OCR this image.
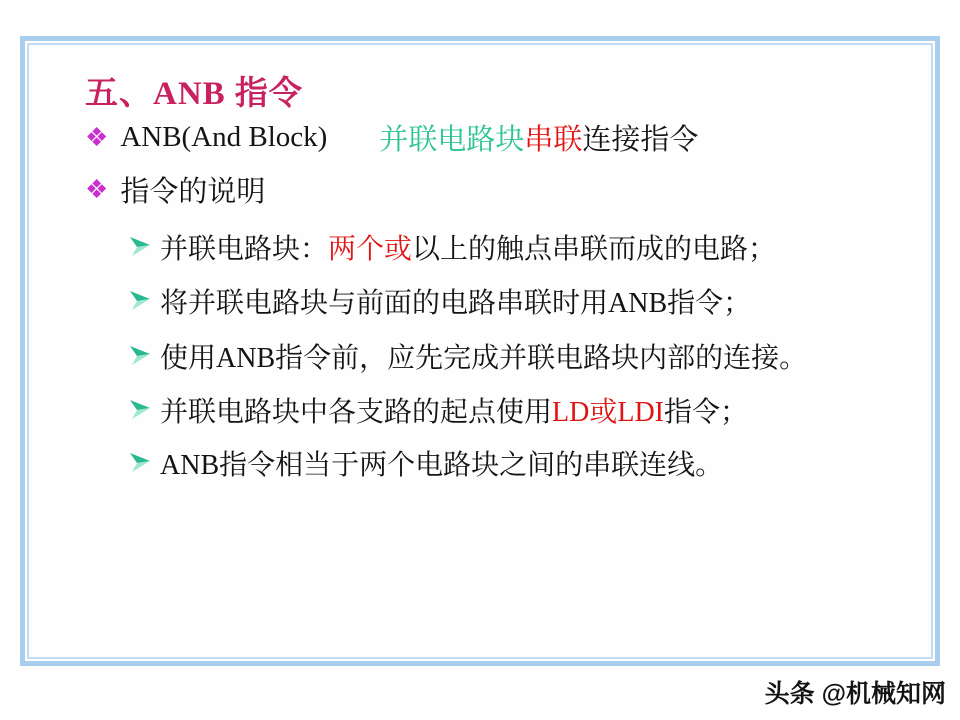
五、ANB 指令
❖ ANB(And Block) 并联电路块 串联 连接指令
❖ 指令的说明
并联电路块： 两个或 以上的触点串联而成的电路；
将并联电路块与前面的电路串联时用ANB指令；
使用ANB指令前，应先完成并联电路块内部的连接。
并联电路块中各支路的起点使用 LD或LDI 指令；
ANB指令相当于两个电路块之间的串联连线。
头条 @机械知网
